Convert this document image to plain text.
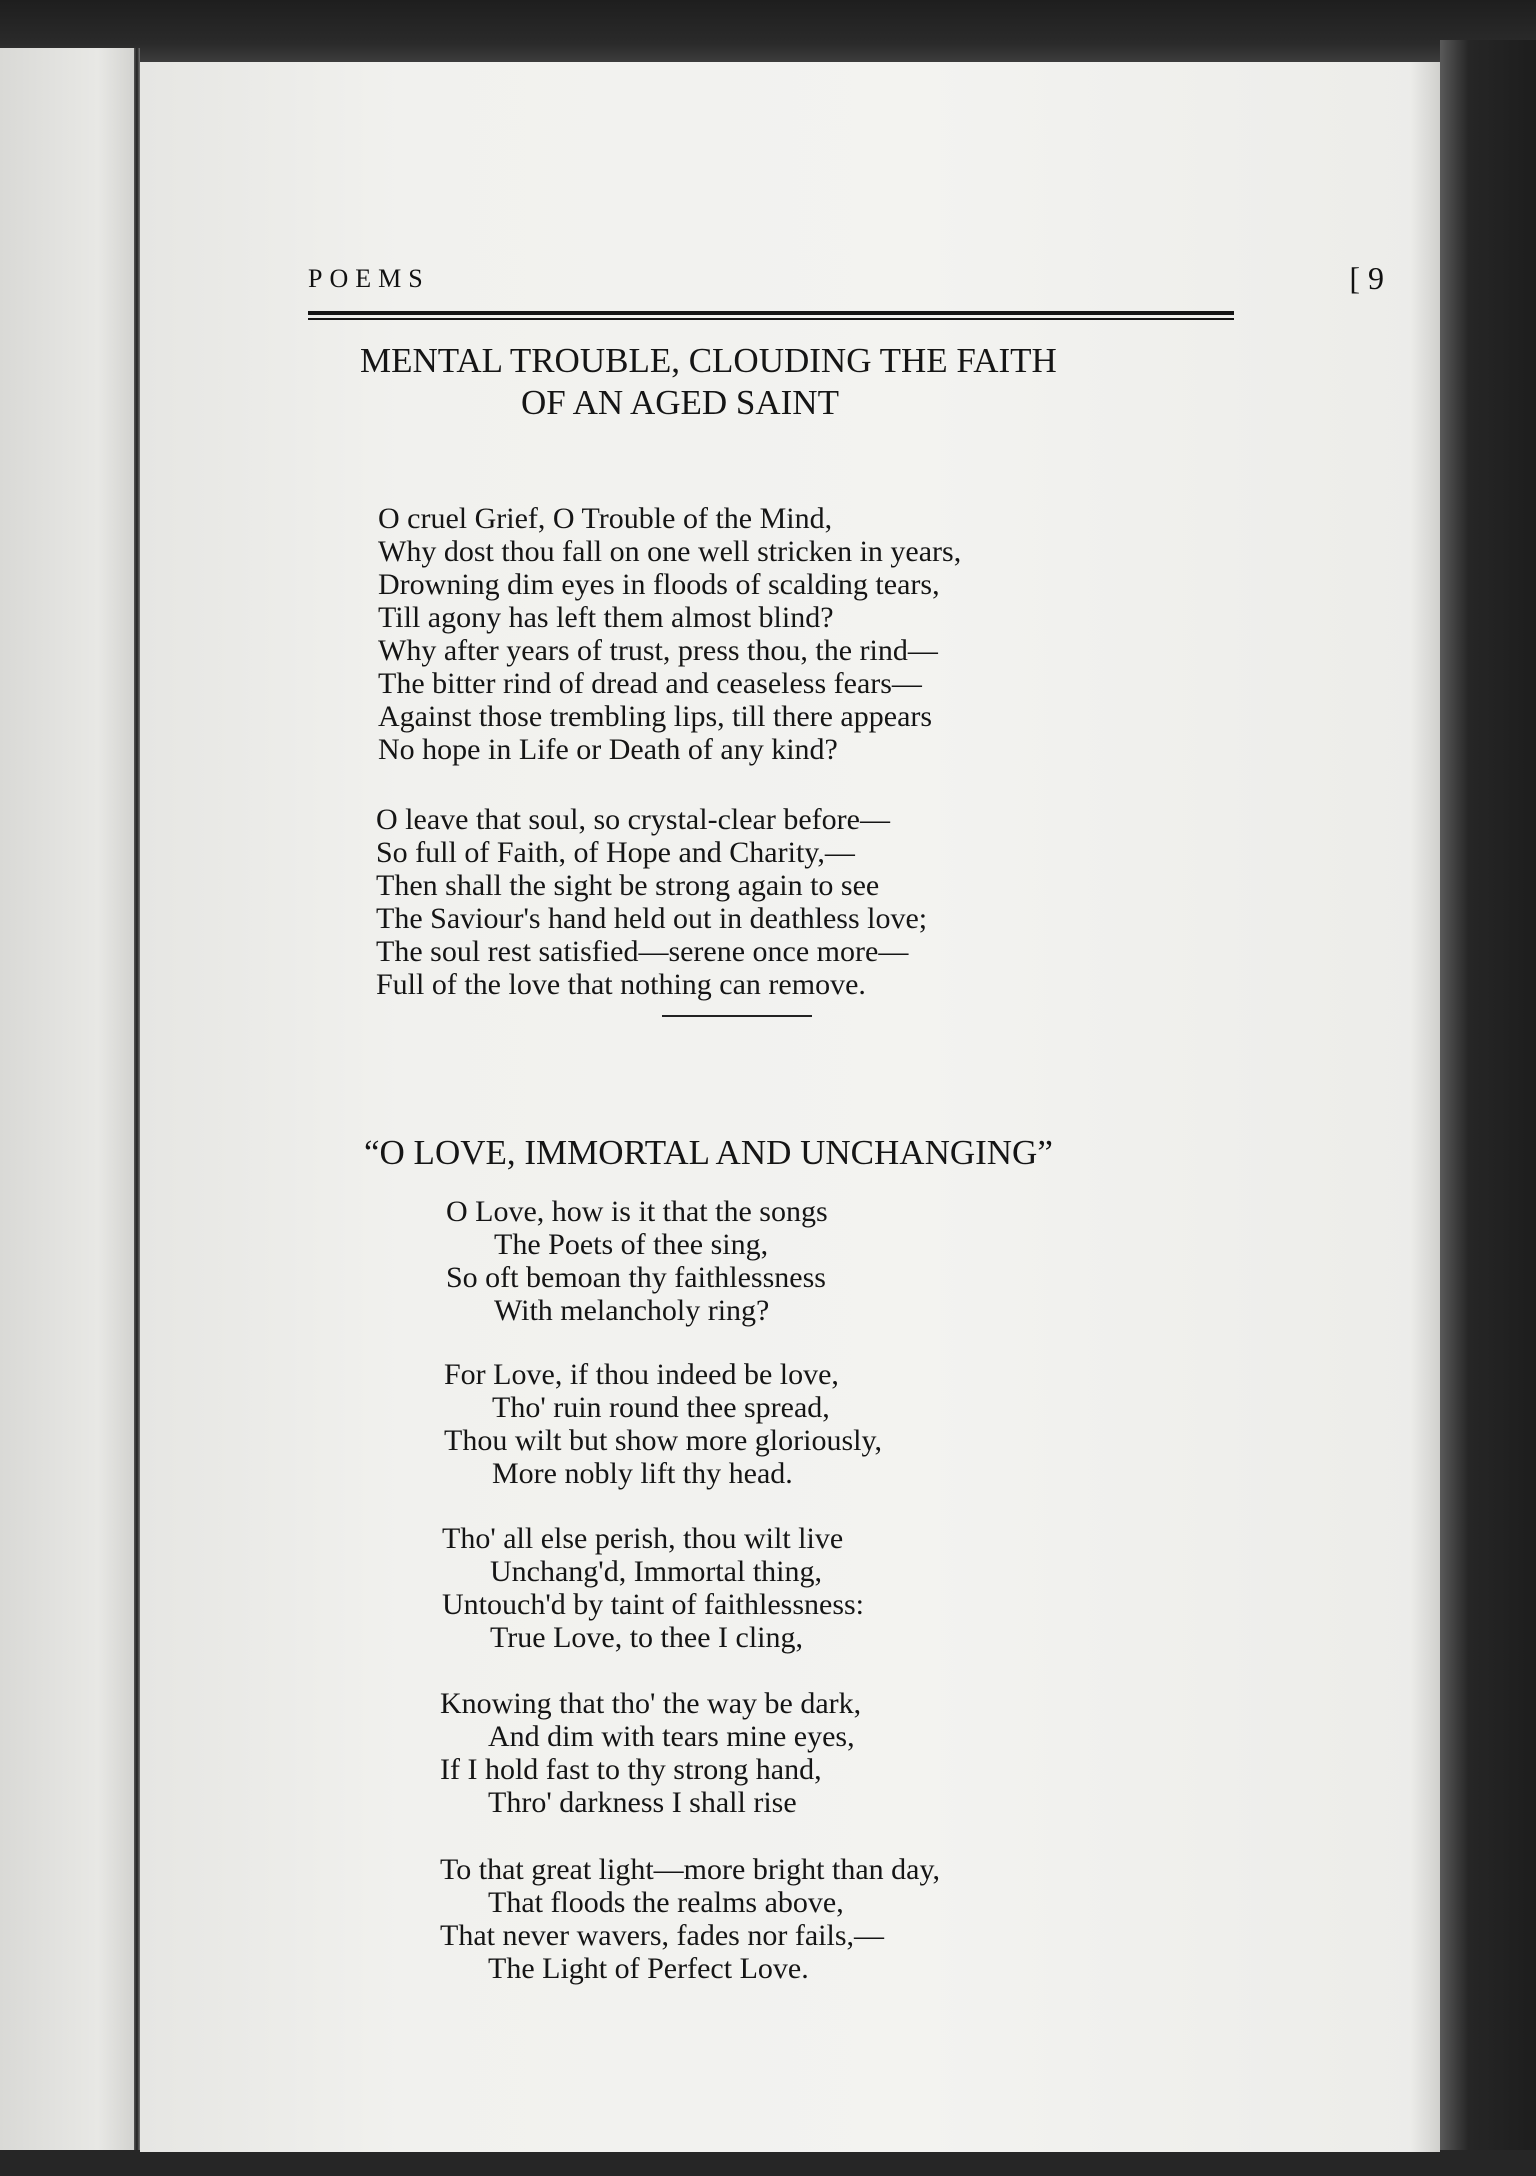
POEMS	[ 9
MENTAL TROUBLE, CLOUDING THE FAITH
OF AN AGED SAINT
O cruel Grief, O Trouble of the Mind,
Why dost thou fall on one well stricken in years,
Drowning dim eyes in floods of scalding tears,
Till agony has left them almost blind?
Why after years of trust, press thou, the rind—
The bitter rind of dread and ceaseless fears—
Against those trembling lips, till there appears
No hope in Life or Death of any kind?
O leave that soul, so crystal-clear before—
So full of Faith, of Hope and Charity,—
Then shall the sight be strong again to see
The Saviour's hand held out in deathless love;
The soul rest satisfied—serene once more—
Full of the love that nothing can remove.
“O LOVE, IMMORTAL AND UNCHANGING”
O Love, how is it that the songs
The Poets of thee sing,
So oft bemoan thy faithlessness
With melancholy ring?
For Love, if thou indeed be love,
Tho' ruin round thee spread,
Thou wilt but show more gloriously,
More nobly lift thy head.
Tho' all else perish, thou wilt live
Unchang'd, Immortal thing,
Untouch'd by taint of faithlessness:
True Love, to thee I cling,
Knowing that tho' the way be dark,
And dim with tears mine eyes,
If I hold fast to thy strong hand,
Thro' darkness I shall rise
To that great light—more bright than day,
That floods the realms above,
That never wavers, fades nor fails,—
The Light of Perfect Love.
